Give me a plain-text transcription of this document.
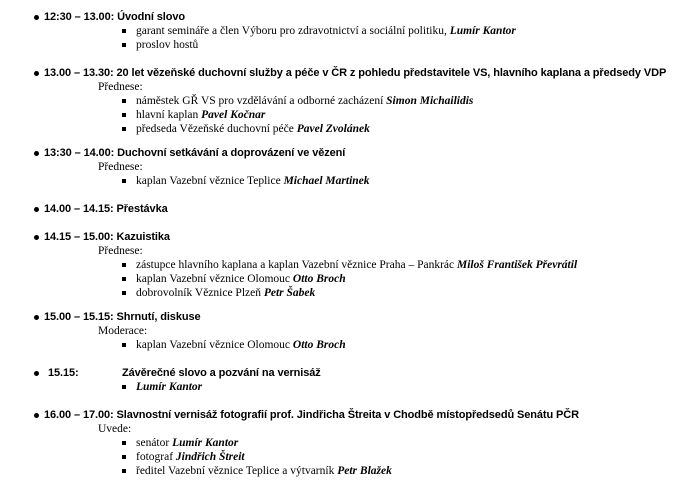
12:30 – 13.00: Úvodní slovo
garant semináře a člen Výboru pro zdravotnictví a sociální politiku, Lumír Kantor
proslov hostů
13.00 – 13.30: 20 let vězeňské duchovní služby a péče v ČR z pohledu představitele VS, hlavního kaplana a předsedy VDP
Přednese:
náměstek GŘ VS pro vzdělávání a odborné zacházení Simon Michailidis
hlavní kaplan Pavel Kočnar
předseda Vězeňské duchovní péče Pavel Zvolánek
13:30 – 14.00: Duchovní setkávání a doprovázení ve vězení
Přednese:
kaplan Vazební věznice Teplice Michael Martinek
14.00 – 14.15: Přestávka
14.15 – 15.00: Kazuistika
Přednese:
zástupce hlavního kaplana a kaplan Vazební věznice Praha – Pankrác Miloš František Převrátil
kaplan Vazební věznice Olomouc Otto Broch
dobrovolník Věznice Plzeň Petr Šabek
15.00 – 15.15: Shrnutí, diskuse
Moderace:
kaplan Vazební věznice Olomouc Otto Broch
15.15:	Závěrečné slovo a pozvání na vernisáž
Lumír Kantor
16.00 – 17.00: Slavnostní vernisáž fotografií prof. Jindřicha Štreita v Chodbě místopředsedů Senátu PČR
Uvede:
senátor Lumír Kantor
fotograf Jindřich Štreit
ředitel Vazební věznice Teplice a výtvarník Petr Blažek
